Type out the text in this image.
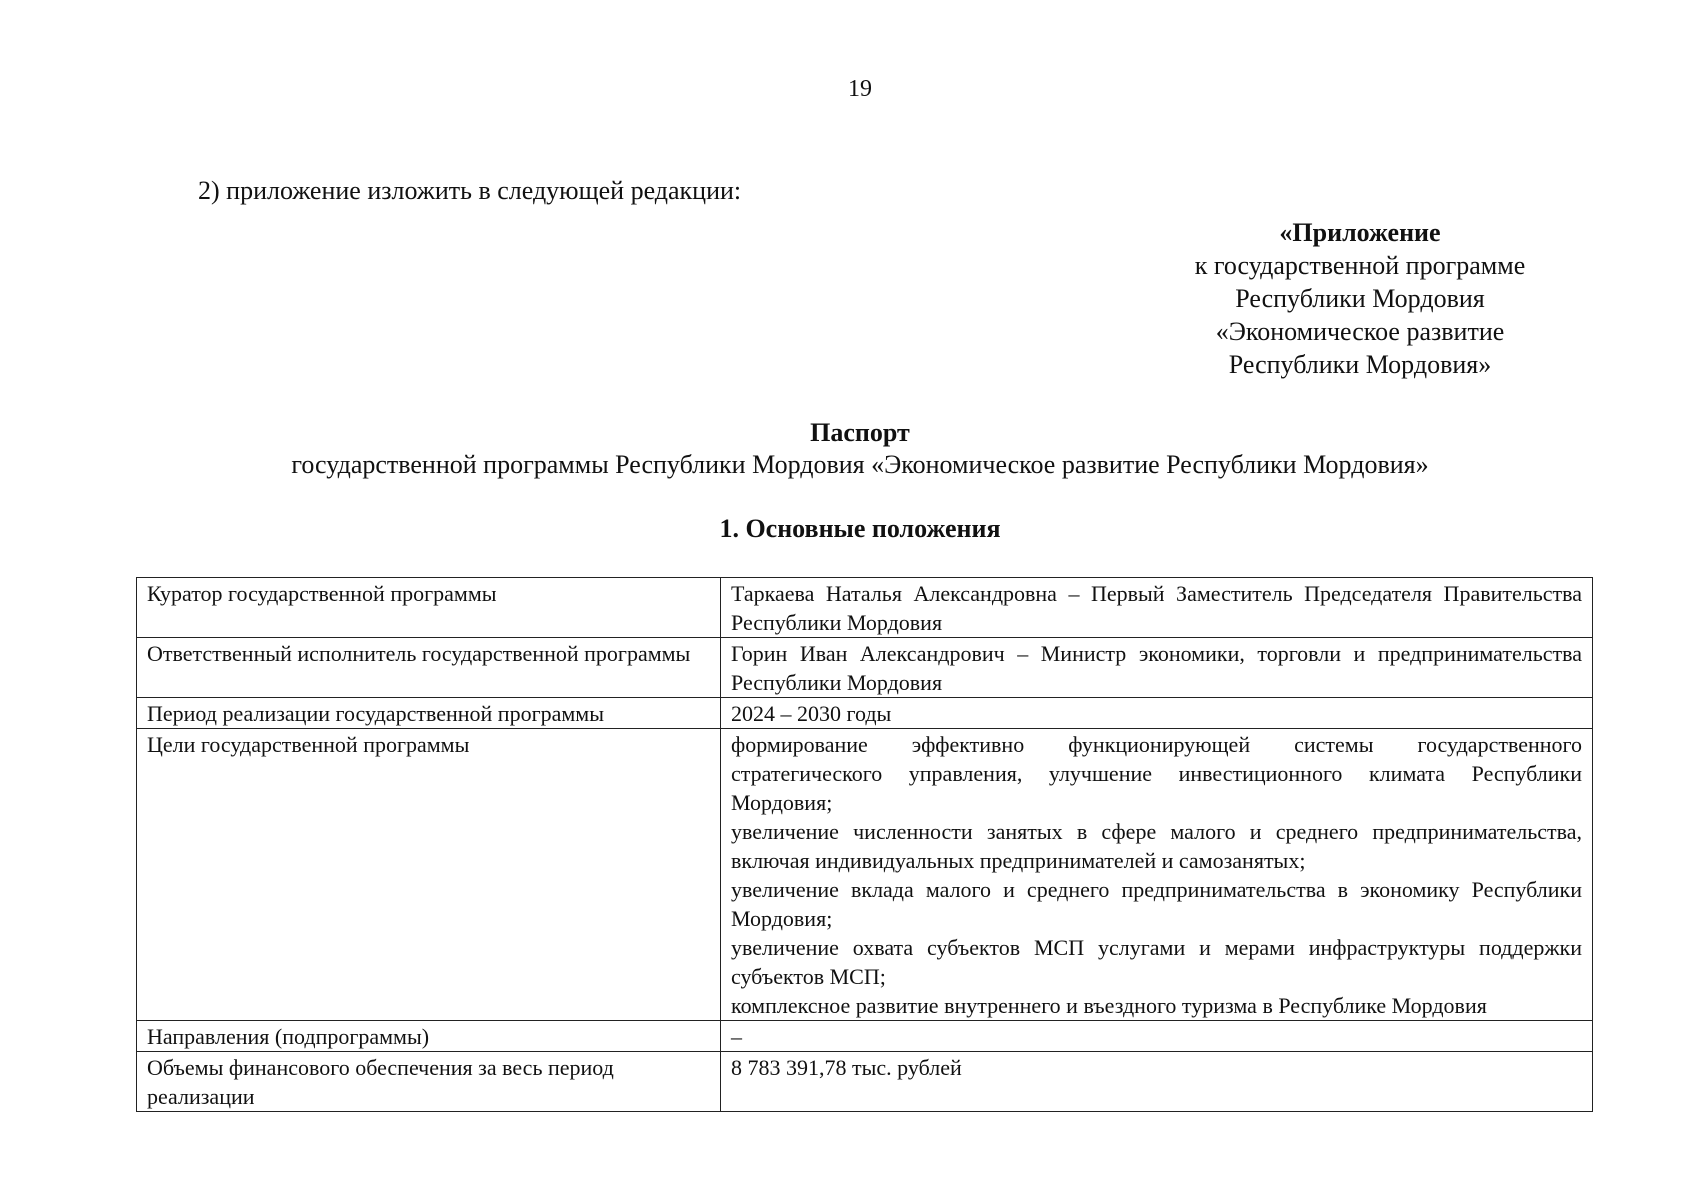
19
2) приложение изложить в следующей редакции:
«Приложение
к государственной программе
Республики Мордовия
«Экономическое развитие
Республики Мордовия»
Паспорт
государственной программы Республики Мордовия «Экономическое развитие Республики Мордовия»
1. Основные положения
Куратор государственной программы	Таркаева Наталья Александровна – Первый Заместитель Председателя Правительства Республики Мордовия

Ответственный исполнитель государственной программы	Горин Иван Александрович – Министр экономики, торговли и предпринимательства Республики Мордовия

Период реализации государственной программы	2024 – 2030 годы

Цели государственной программы	формирование эффективно функционирующей системы государственного стратегического управления, улучшение инвестиционного климата Республики Мордовия;
увеличение численности занятых в сфере малого и среднего предпринимательства, включая индивидуальных предпринимателей и самозанятых;
увеличение вклада малого и среднего предпринимательства в экономику Республики Мордовия;
увеличение охвата субъектов МСП услугами и мерами инфраструктуры поддержки субъектов МСП;
комплексное развитие внутреннего и въездного туризма в Республике Мордовия

Направления (подпрограммы)	–

Объемы финансового обеспечения за весь период реализации	8 783 391,78 тыс. рублей
